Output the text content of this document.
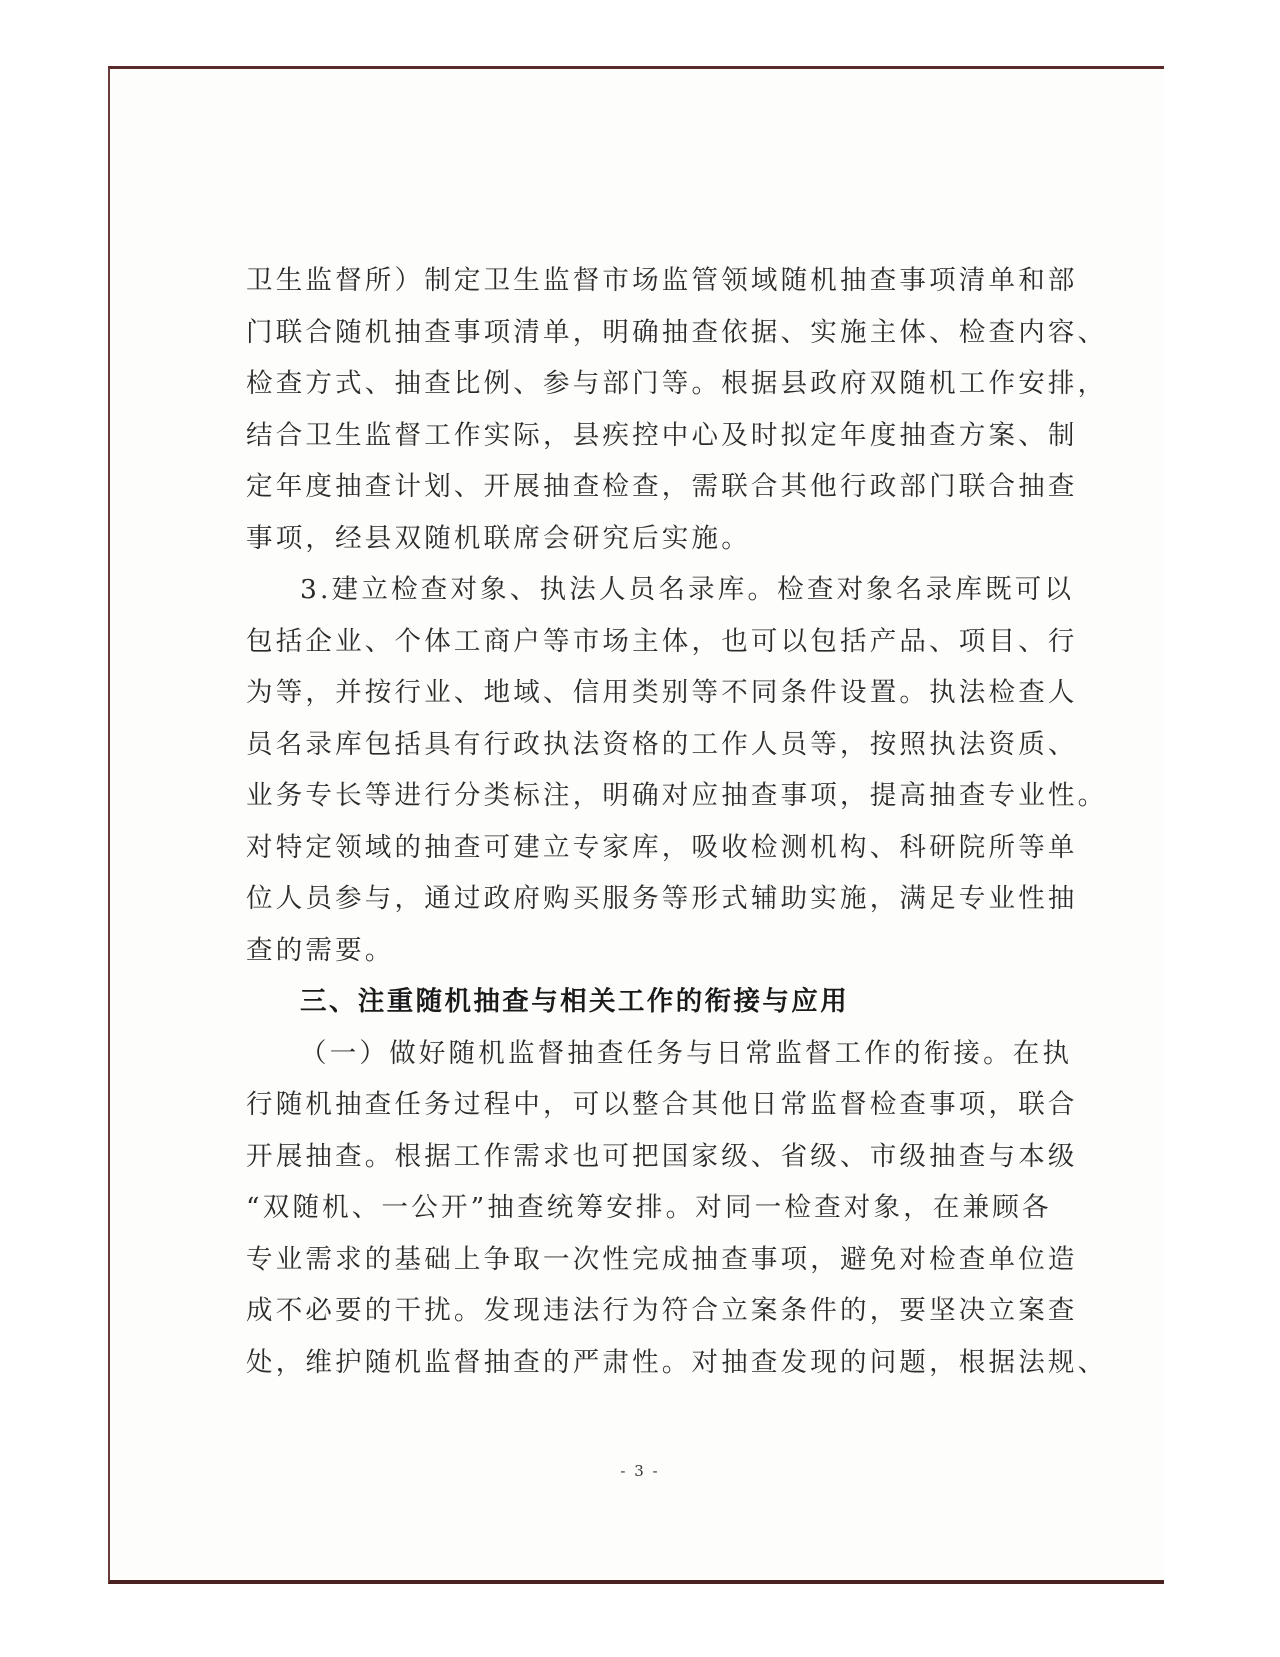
卫生监督所）制定卫生监督市场监管领域随机抽查事项清单和部
门联合随机抽查事项清单，明确抽查依据、实施主体、检查内容、
检查方式、抽查比例、参与部门等。根据县政府双随机工作安排，
结合卫生监督工作实际，县疾控中心及时拟定年度抽查方案、制
定年度抽查计划、开展抽查检查，需联合其他行政部门联合抽查
事项，经县双随机联席会研究后实施。
3.建立检查对象、执法人员名录库。检查对象名录库既可以
包括企业、个体工商户等市场主体，也可以包括产品、项目、行
为等，并按行业、地域、信用类别等不同条件设置。执法检查人
员名录库包括具有行政执法资格的工作人员等，按照执法资质、
业务专长等进行分类标注，明确对应抽查事项，提高抽查专业性。
对特定领域的抽查可建立专家库，吸收检测机构、科研院所等单
位人员参与，通过政府购买服务等形式辅助实施，满足专业性抽
查的需要。
三、注重随机抽查与相关工作的衔接与应用
（一）做好随机监督抽查任务与日常监督工作的衔接。在执
行随机抽查任务过程中，可以整合其他日常监督检查事项，联合
开展抽查。根据工作需求也可把国家级、省级、市级抽查与本级
“双随机、一公开”抽查统筹安排。对同一检查对象，在兼顾各
专业需求的基础上争取一次性完成抽查事项，避免对检查单位造
成不必要的干扰。发现违法行为符合立案条件的，要坚决立案查
处，维护随机监督抽查的严肃性。对抽查发现的问题，根据法规、
- 3 -
